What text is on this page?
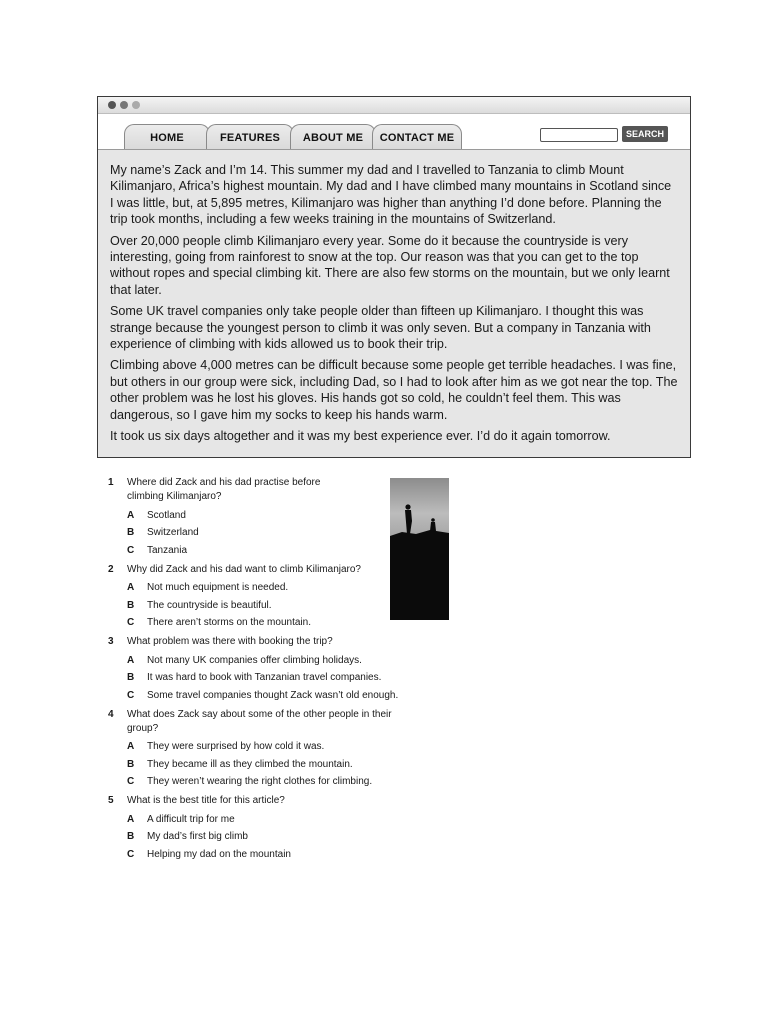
HOME	FEATURES	ABOUT ME	CONTACT ME	SEARCH

My name’s Zack and I’m 14. This summer my dad and I travelled to Tanzania to climb Mount Kilimanjaro, Africa’s highest mountain. My dad and I have climbed many mountains in Scotland since I was little, but, at 5,895 metres, Kilimanjaro was higher than anything I’d done before. Planning the trip took months, including a few weeks training in the mountains of Switzerland.

Over 20,000 people climb Kilimanjaro every year. Some do it because the countryside is very interesting, going from rainforest to snow at the top. Our reason was that you can get to the top without ropes and special climbing kit. There are also few storms on the mountain, but we only learnt that later.

Some UK travel companies only take people older than fifteen up Kilimanjaro. I thought this was strange because the youngest person to climb it was only seven. But a company in Tanzania with experience of climbing with kids allowed us to book their trip.

Climbing above 4,000 metres can be difficult because some people get terrible headaches. I was fine, but others in our group were sick, including Dad, so I had to look after him as we got near the top. The other problem was he lost his gloves. His hands got so cold, he couldn’t feel them. This was dangerous, so I gave him my socks to keep his hands warm.

It took us six days altogether and it was my best experience ever. I’d do it again tomorrow.

1	Where did Zack and his dad practise before climbing Kilimanjaro?
A	Scotland
B	Switzerland
C	Tanzania
2	Why did Zack and his dad want to climb Kilimanjaro?
A	Not much equipment is needed.
B	The countryside is beautiful.
C	There aren’t storms on the mountain.
3	What problem was there with booking the trip?
A	Not many UK companies offer climbing holidays.
B	It was hard to book with Tanzanian travel companies.
C	Some travel companies thought Zack wasn’t old enough.
4	What does Zack say about some of the other people in their group?
A	They were surprised by how cold it was.
B	They became ill as they climbed the mountain.
C	They weren’t wearing the right clothes for climbing.
5	What is the best title for this article?
A	A difficult trip for me
B	My dad’s first big climb
C	Helping my dad on the mountain
